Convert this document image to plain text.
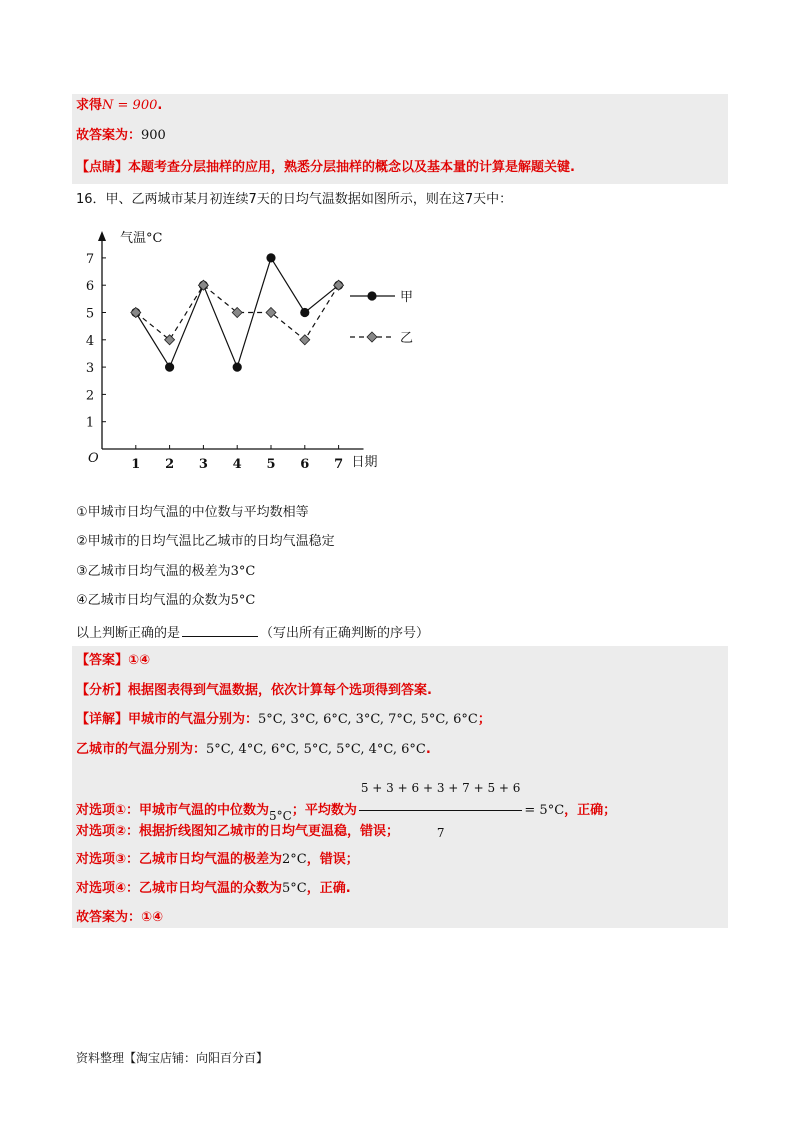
求得N = 900.
故答案为：900
【点睛】本题考查分层抽样的应用，熟悉分层抽样的概念以及基本量的计算是解题关键.
16．甲、乙两城市某月初连续7天的日均气温数据如图所示，则在这7天中：
气温°C
日期
O
1
2
3
4
5
6
7
1 2 3 4 5 6 7
甲
乙
①甲城市日均气温的中位数与平均数相等
②甲城市的日均气温比乙城市的日均气温稳定
③乙城市日均气温的极差为3°C
④乙城市日均气温的众数为5°C
以上判断正确的是	（写出所有正确判断的序号）
【答案】①④
【分析】根据图表得到气温数据，依次计算每个选项得到答案.
【详解】甲城市的气温分别为：5°C, 3°C, 6°C, 3°C, 7°C, 5°C, 6°C；
乙城市的气温分别为：5°C, 4°C, 6°C, 5°C, 5°C, 4°C, 6°C.
对选项①：甲城市气温的中位数为5°C；平均数为 $\frac{5 + 3 + 6 + 3 + 7 + 5 + 6}{7} = 5^\circ C$，正确；
对选项②：根据折线图知乙城市的日均气更温稳，错误；
对选项③：乙城市日均气温的极差为2°C，错误；
对选项④：乙城市日均气温的众数为5°C，正确.
故答案为：①④
资料整理【淘宝店铺：向阳百分百】
